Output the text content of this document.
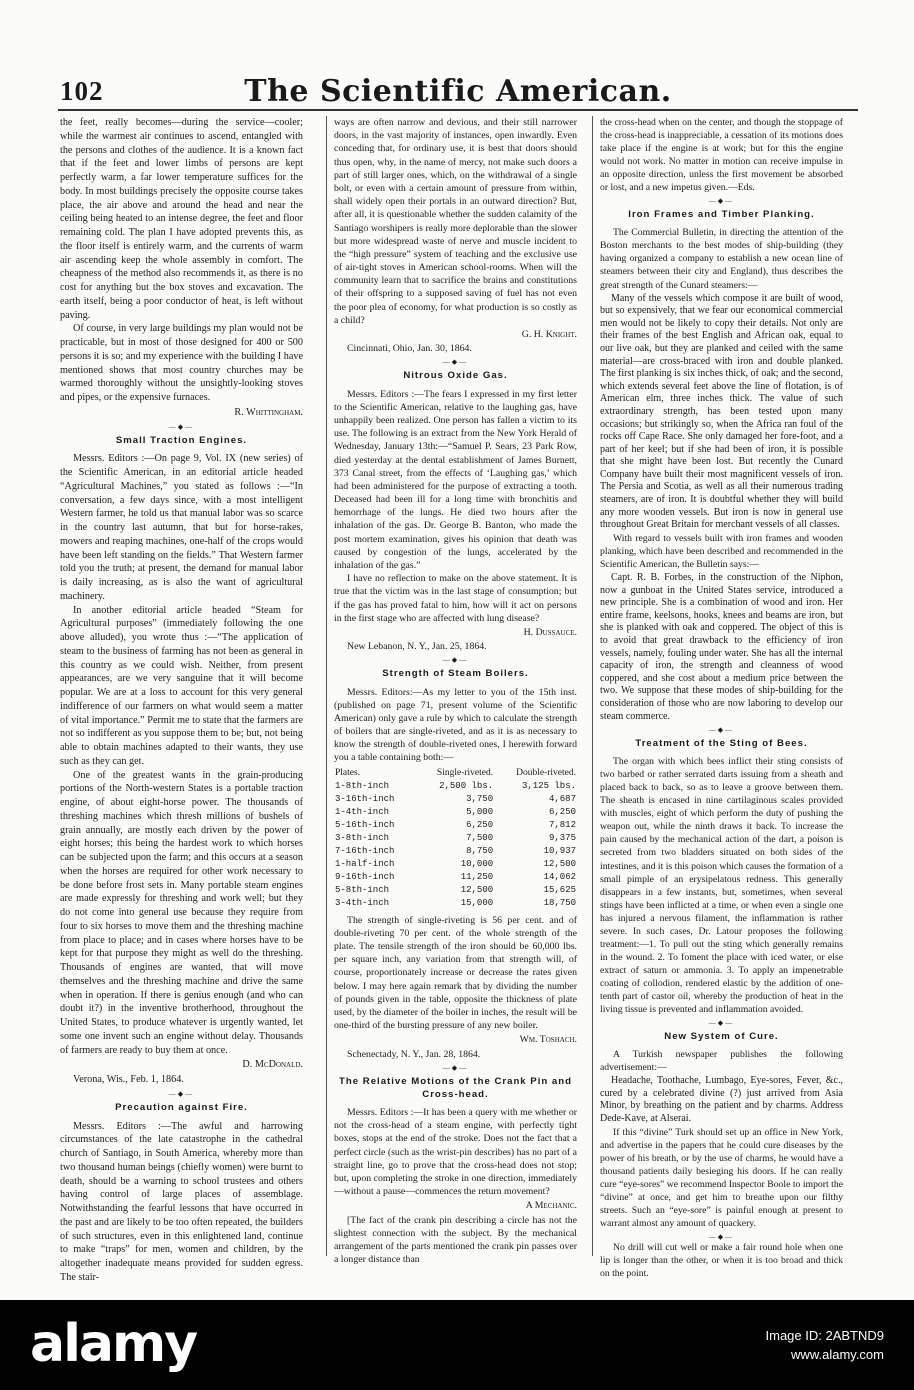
102	The Scientific American.

the feet, really becomes—during the service—cooler; while the warmest air continues to ascend, entangled with the persons and clothes of the audience. It is a known fact that if the feet and lower limbs of persons are kept perfectly warm, a far lower temperature suffices for the body. In most buildings precisely the opposite course takes place, the air above and around the head and near the ceiling being heated to an intense degree, the feet and floor remaining cold. The plan I have adopted prevents this, as the floor itself is entirely warm, and the currents of warm air ascending keep the whole assembly in comfort. The cheapness of the method also recommends it, as there is no cost for anything but the box stoves and excavation. The earth itself, being a poor conductor of heat, is left without paving.

Of course, in very large buildings my plan would not be practicable, but in most of those designed for 400 or 500 persons it is so; and my experience with the building I have mentioned shows that most country churches may be warmed thoroughly without the unsightly-looking stoves and pipes, or the expensive furnaces.

R. Whittingham.

—◆—
Small Traction Engines.

Messrs. Editors :—On page 9, Vol. IX (new series) of the Scientific American, in an editorial article headed “Agricultural Machines,” you stated as follows :—“In conversation, a few days since, with a most intelligent Western farmer, he told us that manual labor was so scarce in the country last autumn, that but for horse-rakes, mowers and reaping machines, one-half of the crops would have been left standing on the fields.” That Western farmer told you the truth; at present, the demand for manual labor is daily increasing, as is also the want of agricultural machinery.

In another editorial article headed “Steam for Agricultural purposes” (immediately following the one above alluded), you wrote thus :—“The application of steam to the business of farming has not been as general in this country as we could wish. Neither, from present appearances, are we very sanguine that it will become popular. We are at a loss to account for this very general indifference of our farmers on what would seem a matter of vital importance.” Permit me to state that the farmers are not so indifferent as you suppose them to be; but, not being able to obtain machines adapted to their wants, they use such as they can get.

One of the greatest wants in the grain-producing portions of the North-western States is a portable traction engine, of about eight-horse power. The thousands of threshing machines which thresh millions of bushels of grain annually, are mostly each driven by the power of eight horses; this being the hardest work to which horses can be subjected upon the farm; and this occurs at a season when the horses are required for other work necessary to be done before frost sets in. Many portable steam engines are made expressly for threshing and work well; but they do not come into general use because they require from four to six horses to move them and the threshing machine from place to place; and in cases where horses have to be kept for that purpose they might as well do the threshing. Thousands of engines are wanted, that will move themselves and the threshing machine and drive the same when in operation. If there is genius enough (and who can doubt it?) in the inventive brotherhood, throughout the United States, to produce whatever is urgently wanted, let some one invent such an engine without delay. Thousands of farmers are ready to buy them at once.

D. McDonald.

Verona, Wis., Feb. 1, 1864.

—◆—
Precaution against Fire.

Messrs. Editors :—The awful and harrowing circumstances of the late catastrophe in the cathedral church of Santiago, in South America, whereby more than two thousand human beings (chiefly women) were burnt to death, should be a warning to school trustees and others having control of large places of assemblage. Notwithstanding the fearful lessons that have occurred in the past and are likely to be too often repeated, the builders of such structures, even in this enlightened land, continue to make “traps” for men, women and children, by the altogether inadequate means provided for sudden egress. The stair-

ways are often narrow and devious, and their still narrower doors, in the vast majority of instances, open inwardly. Even conceding that, for ordinary use, it is best that doors should thus open, why, in the name of mercy, not make such doors a part of still larger ones, which, on the withdrawal of a single bolt, or even with a certain amount of pressure from within, shall widely open their portals in an outward direction? But, after all, it is questionable whether the sudden calamity of the Santiago worshipers is really more deplorable than the slower but more widespread waste of nerve and muscle incident to the “high pressure” system of teaching and the exclusive use of air-tight stoves in American school-rooms. When will the community learn that to sacrifice the brains and constitutions of their offspring to a supposed saving of fuel has not even the poor plea of economy, for what production is so costly as a child?

G. H. Knight.

Cincinnati, Ohio, Jan. 30, 1864.

—◆—
Nitrous Oxide Gas.

Messrs. Editors :—The fears I expressed in my first letter to the Scientific American, relative to the laughing gas, have unhappily been realized. One person has fallen a victim to its use. The following is an extract from the New York Herald of Wednesday, January 13th:—“Samuel P. Sears, 23 Park Row, died yesterday at the dental establishment of James Burnett, 373 Canal street, from the effects of ‘Laughing gas,’ which had been administered for the purpose of extracting a tooth. Deceased had been ill for a long time with bronchitis and hemorrhage of the lungs. He died two hours after the inhalation of the gas. Dr. George B. Banton, who made the post mortem examination, gives his opinion that death was caused by congestion of the lungs, accelerated by the inhalation of the gas.”

I have no reflection to make on the above statement. It is true that the victim was in the last stage of consumption; but if the gas has proved fatal to him, how will it act on persons in the first stage who are affected with lung disease?

H. Dussauce.

New Lebanon, N. Y., Jan. 25, 1864.

—◆—
Strength of Steam Boilers.

Messrs. Editors:—As my letter to you of the 15th inst. (published on page 71, present volume of the Scientific American) only gave a rule by which to calculate the strength of boilers that are single-riveted, and as it is as necessary to know the strength of double-riveted ones, I herewith forward you a table containing both:—

Plates.	Single-riveted.	Double-riveted.
1-8th-inch	2,500 lbs.	3,125 lbs.
3-16th-inch	3,750	4,687
1-4th-inch	5,000	6,250
5-16th-inch	6,250	7,812
3-8th-inch	7,500	9,375
7-16th-inch	8,750	10,937
1-half-inch	10,000	12,500
9-16th-inch	11,250	14,062
5-8th-inch	12,500	15,625
3-4th-inch	15,000	18,750

The strength of single-riveting is 56 per cent. and of double-riveting 70 per cent. of the whole strength of the plate. The tensile strength of the iron should be 60,000 lbs. per square inch, any variation from that strength will, of course, proportionately increase or decrease the rates given below. I may here again remark that by dividing the number of pounds given in the table, opposite the thickness of plate used, by the diameter of the boiler in inches, the result will be one-third of the bursting pressure of any new boiler.

Wm. Toshach.

Schenectady, N. Y., Jan. 28, 1864.

—◆—
The Relative Motions of the Crank Pin and Cross-head.

Messrs. Editors :—It has been a query with me whether or not the cross-head of a steam engine, with perfectly tight boxes, stops at the end of the stroke. Does not the fact that a perfect circle (such as the wrist-pin describes) has no part of a straight line, go to prove that the cross-head does not stop; but, upon completing the stroke in one direction, immediately—without a pause—commences the return movement?

A Mechanic.

[The fact of the crank pin describing a circle has not the slightest connection with the subject. By the mechanical arrangement of the parts mentioned the crank pin passes over a longer distance than

the cross-head when on the center, and though the stoppage of the cross-head is inappreciable, a cessation of its motions does take place if the engine is at work; but for this the engine would not work. No matter in motion can receive impulse in an opposite direction, unless the first movement be absorbed or lost, and a new impetus given.—Eds.

—◆—
Iron Frames and Timber Planking.

The Commercial Bulletin, in directing the attention of the Boston merchants to the best modes of ship-building (they having organized a company to establish a new ocean line of steamers between their city and England), thus describes the great strength of the Cunard steamers:—

Many of the vessels which compose it are built of wood, but so expensively, that we fear our economical commercial men would not be likely to copy their details. Not only are their frames of the best English and African oak, equal to our live oak, but they are planked and ceiled with the same material—are cross-braced with iron and double planked. The first planking is six inches thick, of oak; and the second, which extends several feet above the line of flotation, is of American elm, three inches thick. The value of such extraordinary strength, has been tested upon many occasions; but strikingly so, when the Africa ran foul of the rocks off Cape Race. She only damaged her fore-foot, and a part of her keel; but if she had been of iron, it is possible that she might have been lost. But recently the Cunard Company have built their most magnificent vessels of iron. The Persia and Scotia, as well as all their numerous trading steamers, are of iron. It is doubtful whether they will build any more wooden vessels. But iron is now in general use throughout Great Britain for merchant vessels of all classes.

With regard to vessels built with iron frames and wooden planking, which have been described and recommended in the Scientific American, the Bulletin says:—

Capt. R. B. Forbes, in the construction of the Niphon, now a gunboat in the United States service, introduced a new principle. She is a combination of wood and iron. Her entire frame, keelsons, hooks, knees and beams are iron, but she is planked with oak and coppered. The object of this is to avoid that great drawback to the efficiency of iron vessels, namely, fouling under water. She has all the internal capacity of iron, the strength and cleanness of wood coppered, and she cost about a medium price between the two. We suppose that these modes of ship-building for the consideration of those who are now laboring to develop our steam commerce.

—◆—
Treatment of the Sting of Bees.

The organ with which bees inflict their sting consists of two barbed or rather serrated darts issuing from a sheath and placed back to back, so as to leave a groove between them. The sheath is encased in nine cartilaginous scales provided with muscles, eight of which perform the duty of pushing the weapon out, while the ninth draws it back. To increase the pain caused by the mechanical action of the dart, a poison is secreted from two bladders situated on both sides of the intestines, and it is this poison which causes the formation of a small pimple of an erysipelatous redness. This generally disappears in a few instants, but, sometimes, when several stings have been inflicted at a time, or when even a single one has injured a nervous filament, the inflammation is rather severe. In such cases, Dr. Latour proposes the following treatment:—1. To pull out the sting which generally remains in the wound. 2. To foment the place with iced water, or else extract of saturn or ammonia. 3. To apply an impenetrable coating of collodion, rendered elastic by the addition of one-tenth part of castor oil, whereby the production of heat in the living tissue is prevented and inflammation avoided.

—◆—
New System of Cure.

A Turkish newspaper publishes the following advertisement:—

Headache, Toothache, Lumbago, Eye-sores, Fever, &c., cured by a celebrated divine (?) just arrived from Asia Minor, by breathing on the patient and by charms. Address Dede-Kave, at Alserai.

If this “divine” Turk should set up an office in New York, and advertise in the papers that he could cure diseases by the power of his breath, or by the use of charms, he would have a thousand patients daily besieging his doors. If he can really cure “eye-sores” we recommend Inspector Boole to import the “divine” at once, and get him to breathe upon our filthy streets. Such an “eye-sore” is painful enough at present to warrant almost any amount of quackery.

—◆—

No drill will cut well or make a fair round hole when one lip is longer than the other, or when it is too broad and thick on the point.

alamy	Image ID: 2ABTND9
www.alamy.com
